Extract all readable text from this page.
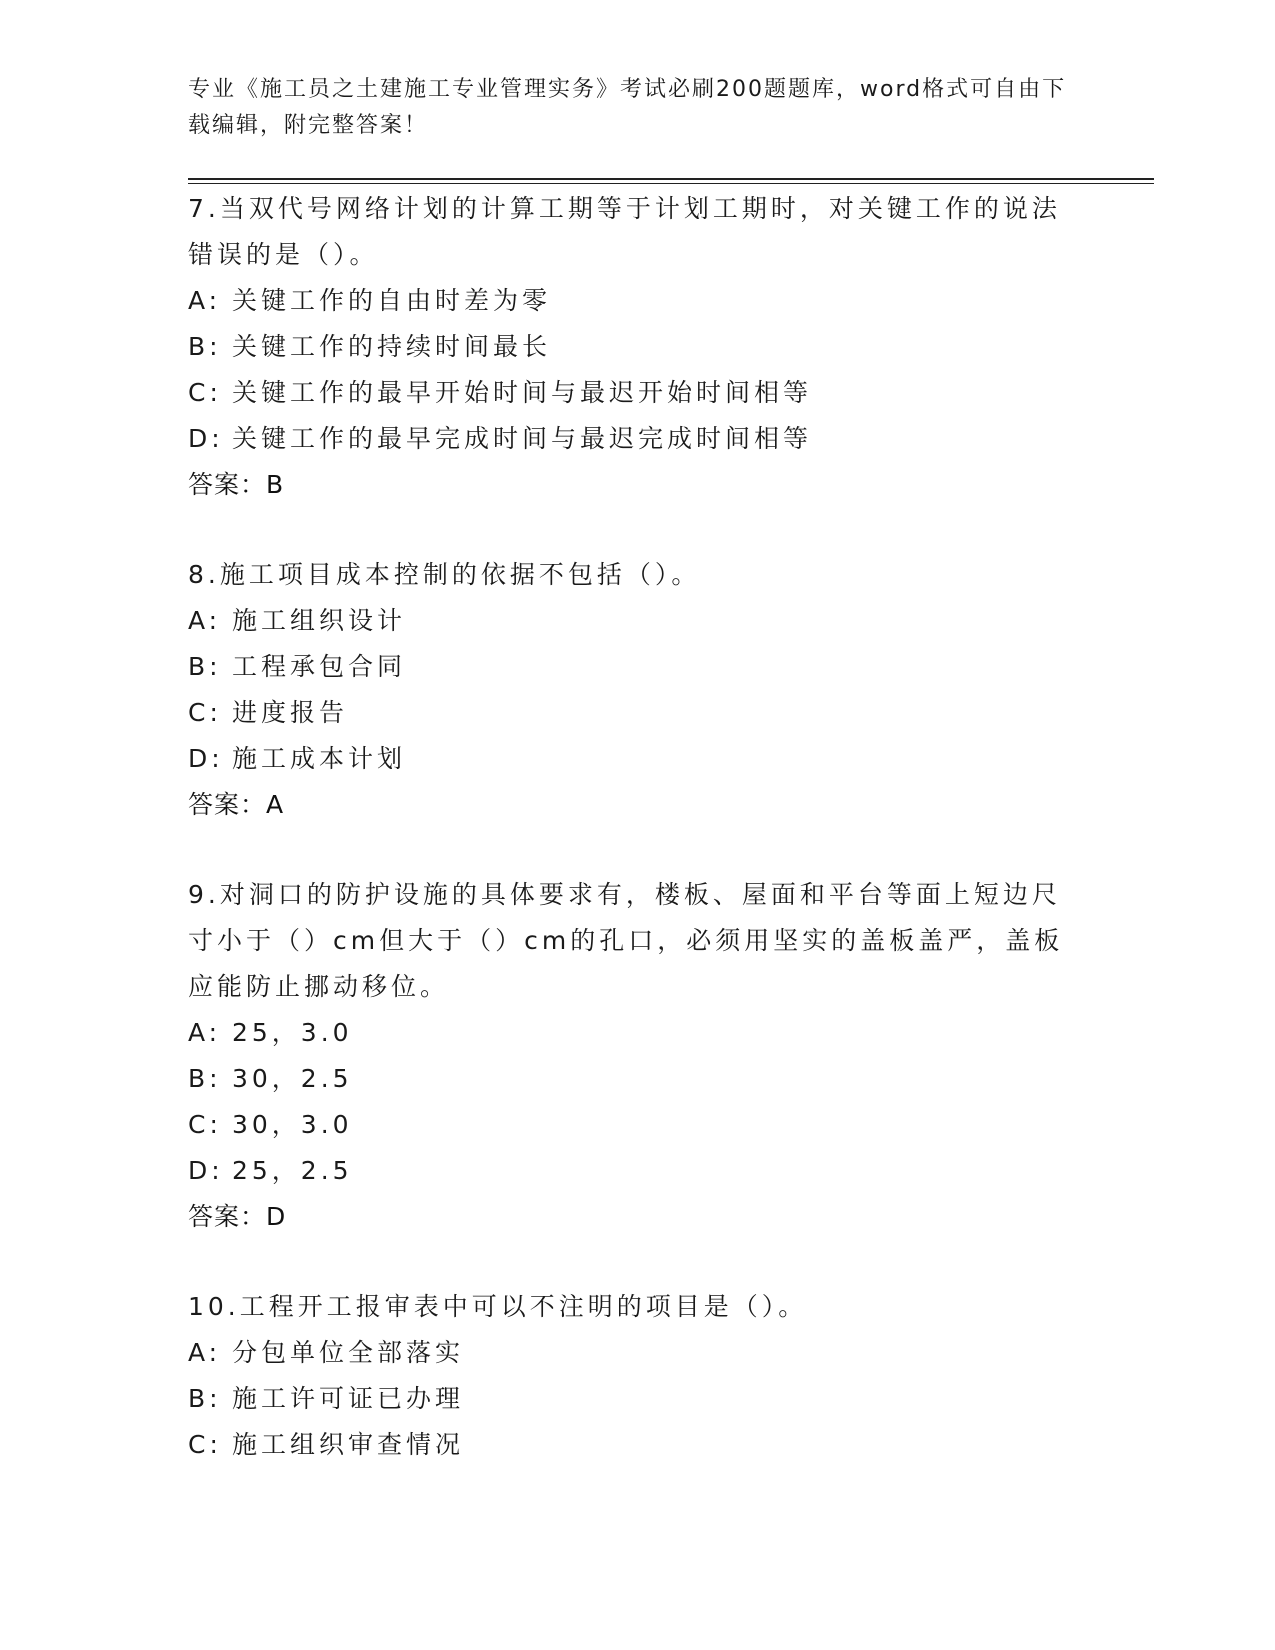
专业《施工员之土建施工专业管理实务》考试必刷200题题库，word格式可自由下载编辑，附完整答案！
7.当双代号网络计划的计算工期等于计划工期时，对关键工作的说法错误的是（）。
A: 关键工作的自由时差为零
B: 关键工作的持续时间最长
C: 关键工作的最早开始时间与最迟开始时间相等
D: 关键工作的最早完成时间与最迟完成时间相等
答案：B
8.施工项目成本控制的依据不包括（）。
A: 施工组织设计
B: 工程承包合同
C: 进度报告
D: 施工成本计划
答案：A
9.对洞口的防护设施的具体要求有，楼板、屋面和平台等面上短边尺寸小于（）cm但大于（）cm的孔口，必须用坚实的盖板盖严，盖板应能防止挪动移位。
A: 25，3.0
B: 30，2.5
C: 30，3.0
D: 25，2.5
答案：D
10.工程开工报审表中可以不注明的项目是（）。
A: 分包单位全部落实
B: 施工许可证已办理
C: 施工组织审查情况
